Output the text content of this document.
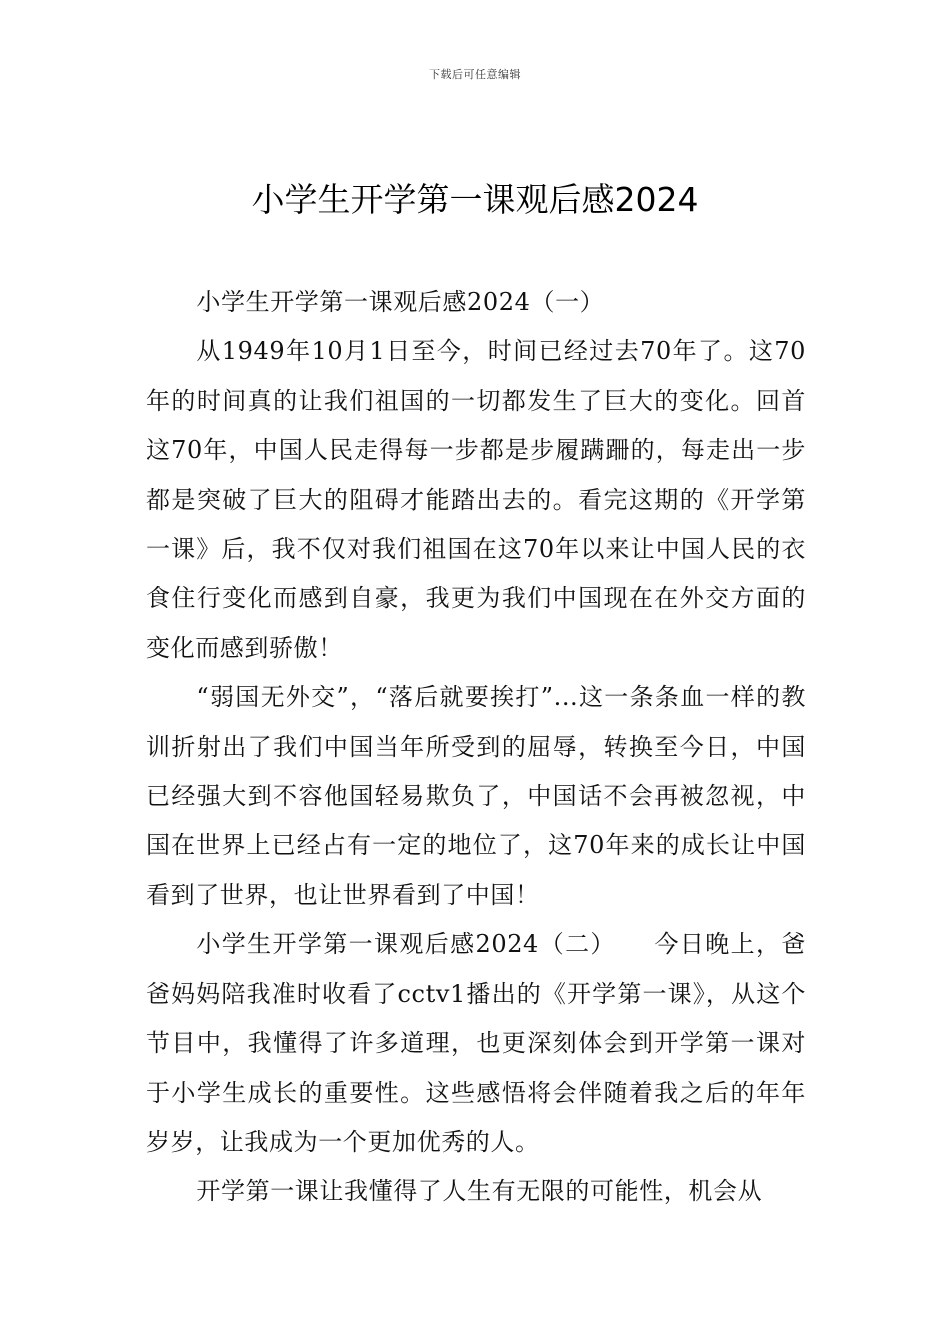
下载后可任意编辑
小学生开学第一课观后感2024

小学生开学第一课观后感2024（一）

从1949年10月1日至今，时间已经过去70年了。这70年的时间真的让我们祖国的一切都发生了巨大的变化。回首这70年，中国人民走得每一步都是步履蹒跚的，每走出一步都是突破了巨大的阻碍才能踏出去的。看完这期的《开学第一课》后，我不仅对我们祖国在这70年以来让中国人民的衣食住行变化而感到自豪，我更为我们中国现在在外交方面的变化而感到骄傲！

“弱国无外交”，“落后就要挨打”...这一条条血一样的教训折射出了我们中国当年所受到的屈辱，转换至今日，中国已经强大到不容他国轻易欺负了，中国话不会再被忽视，中国在世界上已经占有一定的地位了，这70年来的成长让中国看到了世界，也让世界看到了中国！

小学生开学第一课观后感2024（二）　　今日晚上，爸爸妈妈陪我准时收看了cctv1播出的《开学第一课》，从这个节目中，我懂得了许多道理，也更深刻体会到开学第一课对于小学生成长的重要性。这些感悟将会伴随着我之后的年年岁岁，让我成为一个更加优秀的人。

开学第一课让我懂得了人生有无限的可能性，机会从
